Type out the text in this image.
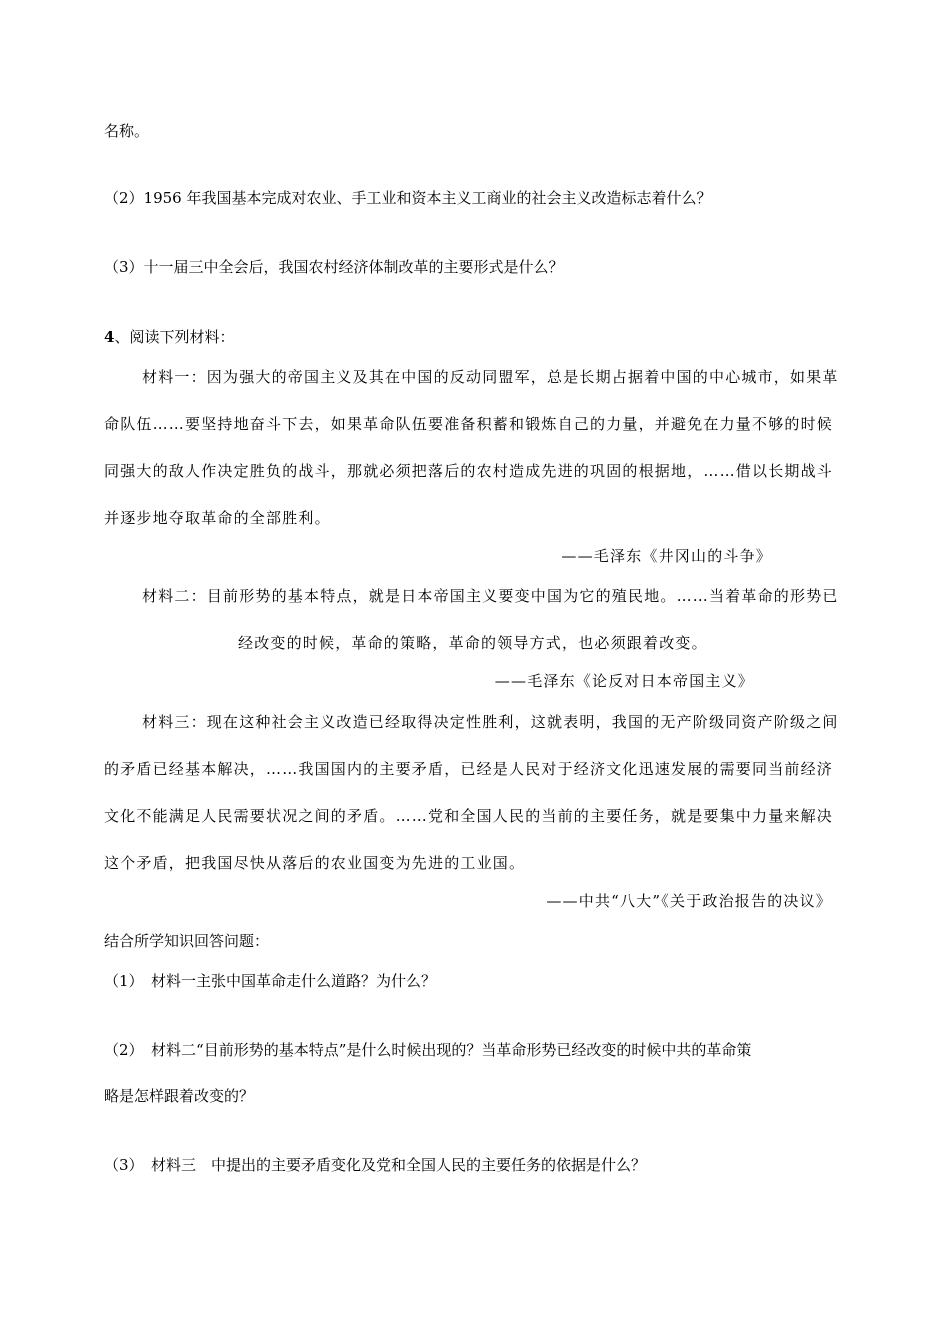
名称。
（2）1956 年我国基本完成对农业、手工业和资本主义工商业的社会主义改造标志着什么？
（3）十一届三中全会后，我国农村经济体制改革的主要形式是什么？
4、阅读下列材料：
材料一：因为强大的帝国主义及其在中国的反动同盟军，总是长期占据着中国的中心城市，如果革
命队伍……要坚持地奋斗下去，如果革命队伍要准备积蓄和锻炼自己的力量，并避免在力量不够的时候
同强大的敌人作决定胜负的战斗，那就必须把落后的农村造成先进的巩固的根据地，……借以长期战斗
并逐步地夺取革命的全部胜利。
——毛泽东《井冈山的斗争》
材料二：目前形势的基本特点，就是日本帝国主义要变中国为它的殖民地。……当着革命的形势已
经改变的时候，革命的策略，革命的领导方式，也必须跟着改变。
——毛泽东《论反对日本帝国主义》
材料三：现在这种社会主义改造已经取得决定性胜利，这就表明，我国的无产阶级同资产阶级之间
的矛盾已经基本解决，……我国国内的主要矛盾，已经是人民对于经济文化迅速发展的需要同当前经济
文化不能满足人民需要状况之间的矛盾。……党和全国人民的当前的主要任务，就是要集中力量来解决
这个矛盾，把我国尽快从落后的农业国变为先进的工业国。
——中共“八大”《关于政治报告的决议》
结合所学知识回答问题：
（1）　材料一主张中国革命走什么道路？为什么？
（2）　材料二“目前形势的基本特点”是什么时候出现的？当革命形势已经改变的时候中共的革命策
略是怎样跟着改变的？
（3）　材料三　中提出的主要矛盾变化及党和全国人民的主要任务的依据是什么？
